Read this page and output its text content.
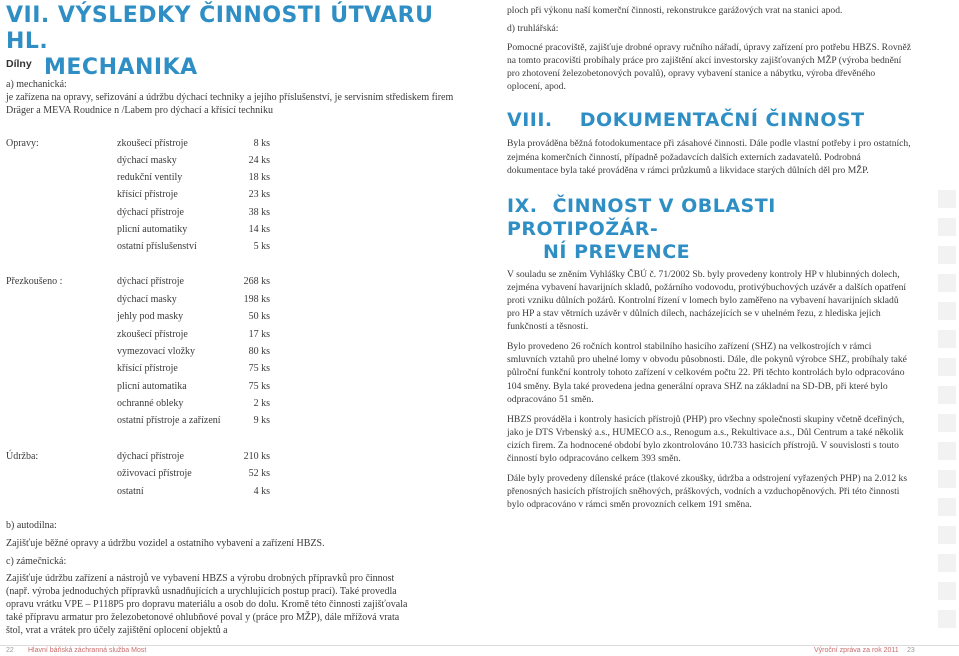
VII. VÝSLEDKY ČINNOSTI ÚTVARU HL.
MECHANIKA
Dílny
a) mechanická:
je zařízena na opravy, seřizování a údržbu dýchací techniky a jejího příslušenství, je servisním střediskem firem Dräger a MEVA Roudnice n /Labem pro dýchací a křísící techniku
Opravy:	zkoušecí přístroje	8 ks
dýchací masky	24 ks
redukční ventily	18 ks
křísící přístroje	23 ks
dýchací přístroje	38 ks
plicní automatiky	14 ks
ostatní příslušenství	5 ks
Přezkoušeno :	dýchací přístroje	268 ks
dýchací masky	198 ks
jehly pod masky	50 ks
zkoušecí přístroje	17 ks
vymezovací vložky	80 ks
křísící přístroje	75 ks
plicní automatika	75 ks
ochranné obleky	2 ks
ostatní přístroje a zařízení	9 ks
Údržba:	dýchací přístroje	210 ks
oživovací přístroje	52 ks
ostatní	4 ks
b) autodílna:
Zajišťuje běžné opravy a údržbu vozidel a ostatního vybavení a zařízení HBZS.
c) zámečnická:
Zajišťuje údržbu zařízení a nástrojů ve vybavení HBZS a výrobu drobných přípravků pro činnost (např. výroba jednoduchých přípravků usnadňujících a urychlujících postup prací). Také provedla opravu vrátku VPE – P118P5 pro dopravu materiálu a osob do dolu. Kromě této činnosti zajišťovala také přípravu armatur pro železobetonové ohlubňové poval y (práce pro MŽP), dále mřížová vrata štol, vrat a vrátek pro účely zajištění oplocení objektů a

ploch při výkonu naší komerční činnosti, rekonstrukce garážových vrat na stanici apod.

d) truhlářská:

Pomocné pracoviště, zajišťuje drobné opravy ručního nářadí, úpravy zařízení pro potřebu HBZS. Rovněž na tomto pracovišti probíhaly práce pro zajištění akcí investorsky zajišťovaných MŽP (výroba bednění pro zhotovení železobetonových povalů), opravy vybavení stanice a nábytku, výroba dřevěného oplocení, apod.

VIII. DOKUMENTAČNÍ ČINNOST

Byla prováděna běžná fotodokumentace při zásahové činnosti. Dále podle vlastní potřeby i pro ostatních, zejména komerčních činností, případně požadavcích dalších externích zadavatelů. Podrobná dokumentace byla také prováděna v rámci průzkumů a likvidace starých důlních děl pro MŽP.

IX. ČINNOST V OBLASTI PROTIPOŽÁR-
NÍ PREVENCE

V souladu se zněním Vyhlášky ČBÚ č. 71/2002 Sb. byly provedeny kontroly HP v hlubinných dolech, zejména vybavení havarijních skladů, požárního vodovodu, protivýbuchových uzávěr a dalších opatření proti vzniku důlních požárů. Kontrolní řízení v lomech bylo zaměřeno na vybavení havarijních skladů pro HP a stav větrních uzávěr v důlních dílech, nacházejících se v uhelném řezu, z hlediska jejich funkčnosti a těsnosti.

Bylo provedeno 26 ročních kontrol stabilního hasicího zařízení (SHZ) na velkostrojích v rámci smluvních vztahů pro uhelné lomy v obvodu působnosti. Dále, dle pokynů výrobce SHZ, probíhaly také půlroční funkční kontroly tohoto zařízení v celkovém počtu 22. Při těchto kontrolách bylo odpracováno 104 směny. Byla také provedena jedna generální oprava SHZ na základní na SD-DB, při které bylo odpracováno 51 směn.

HBZS prováděla i kontroly hasicích přístrojů (PHP) pro všechny společnosti skupiny včetně dceřiných, jako je DTS Vrbenský a.s., HUMECO a.s., Renogum a.s., Rekultivace a.s., Důl Centrum a také několik cizích firem. Za hodnocené období bylo zkontrolováno 10.733 hasicích přístrojů. V souvislosti s touto činností bylo odpracováno celkem 393 směn.

Dále byly provedeny dílenské práce (tlakové zkoušky, údržba a odstrojení vyřazených PHP) na 2.012 ks přenosných hasicích přístrojích sněhových, práškových, vodních a vzduchopěnových. Při této činnosti bylo odpracováno v rámci směn provozních celkem 191 směna.

22 Hlavní báňská záchranná služba Most	Výroční zpráva za rok 2011 23
